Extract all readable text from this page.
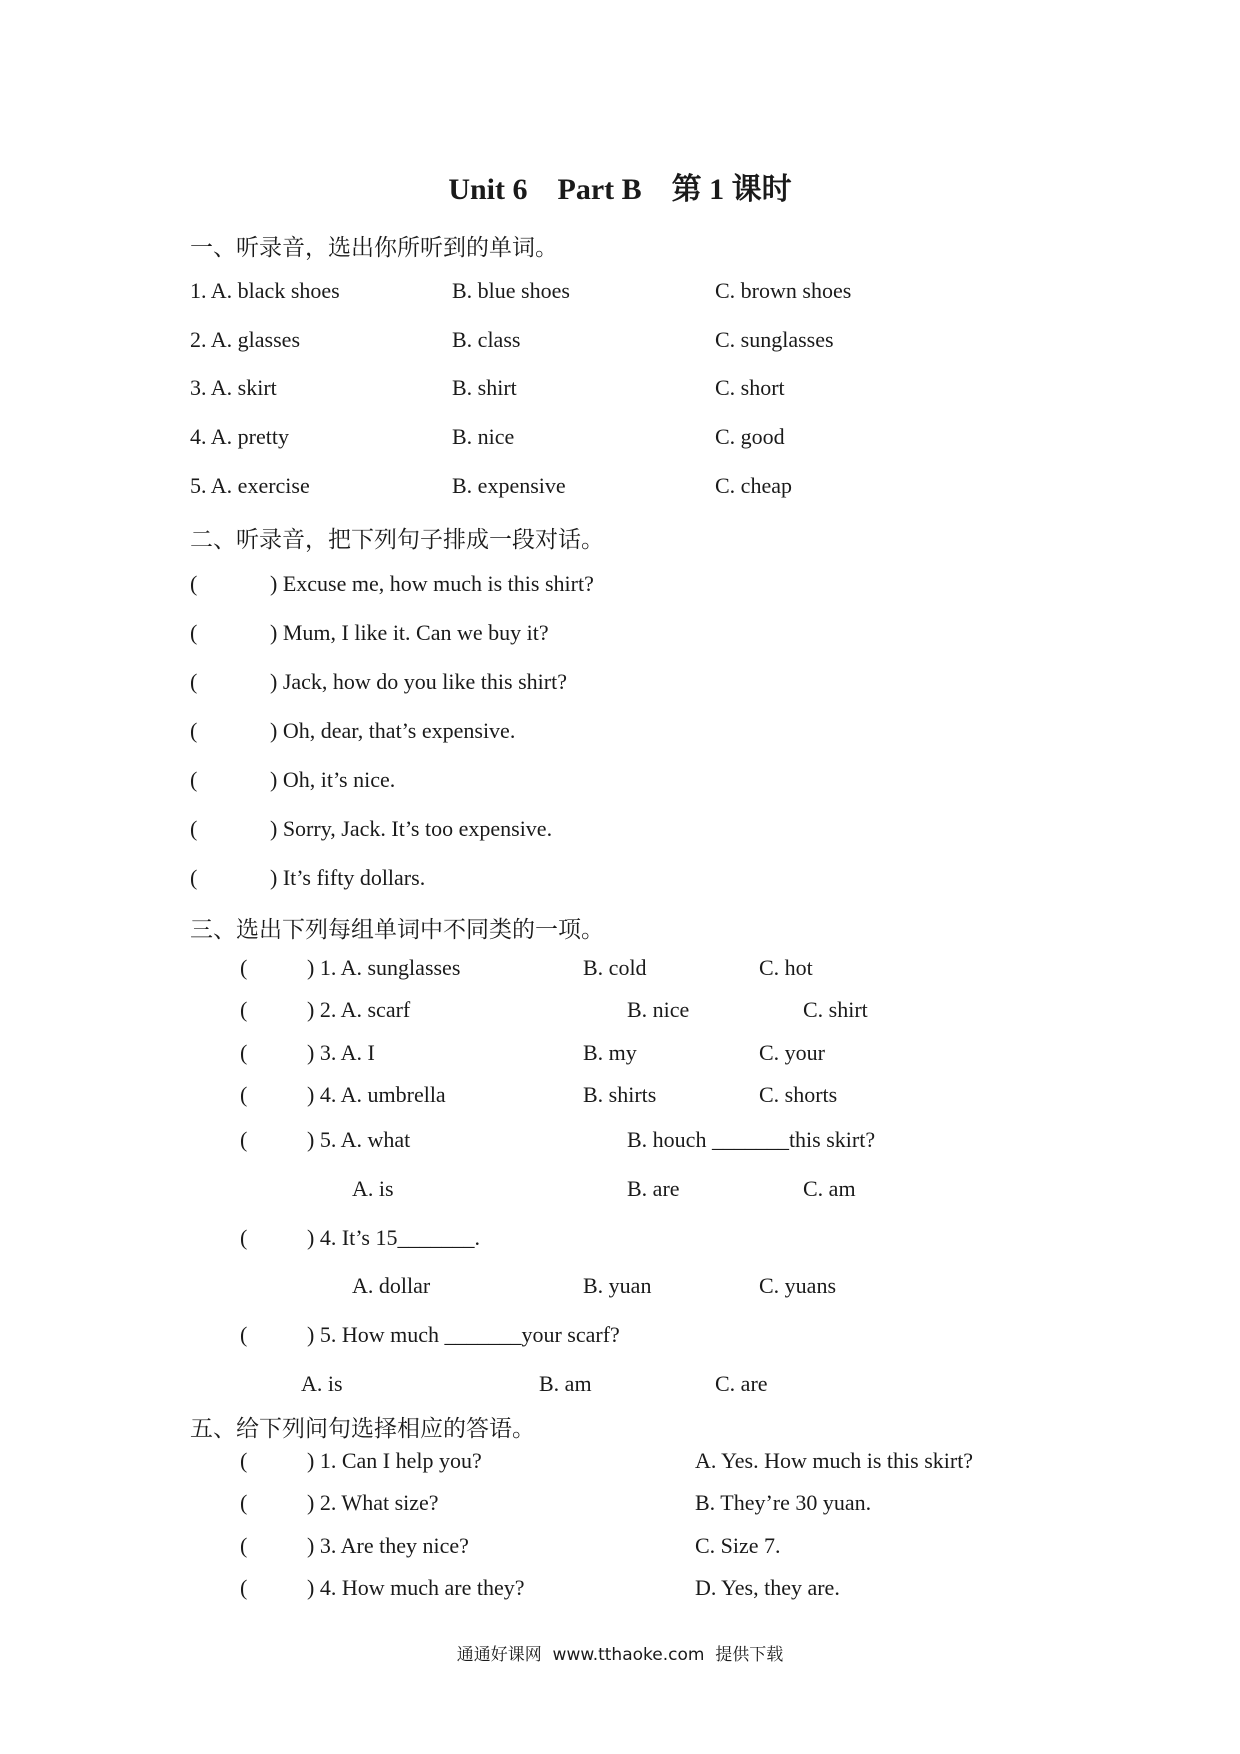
Unit 6    Part B    第 1 课时
一、听录音，选出你所听到的单词。
1. A. black shoes	B. blue shoes	C. brown shoes
2. A. glasses	B. class	C. sunglasses
3. A. skirt	B. shirt	C. short
4. A. pretty	B. nice	C. good
5. A. exercise	B. expensive	C. cheap
二、听录音，把下列句子排成一段对话。
(	) Excuse me, how much is this shirt?
(	) Mum, I like it. Can we buy it?
(	) Jack, how do you like this shirt?
(	) Oh, dear, that’s expensive.
(	) Oh, it’s nice.
(	) Sorry, Jack. It’s too expensive.
(	) It’s fifty dollars.
三、选出下列每组单词中不同类的一项。
(	) 1. A. sunglasses	B. cold	C. hot
(	) 2. A. scarf	B. nice	C. shirt
(	) 3. A. I	B. my	C. your
(	) 4. A. umbrella	B. shirts	C. shorts
(	) 5. A. what	B. houch _______this skirt?
A. is	B. are	C. am
(	) 4. It’s 15_______.
A. dollar	B. yuan	C. yuans
(	) 5. How much _______your scarf?
A. is	B. am	C. are
五、给下列问句选择相应的答语。
(	) 1. Can I help you?	A. Yes. How much is this skirt?
(	) 2. What size?	B. They’re 30 yuan.
(	) 3. Are they nice?	C. Size 7.
(	) 4. How much are they?	D. Yes, they are.
通通好课网  www.tthaoke.com  提供下载
